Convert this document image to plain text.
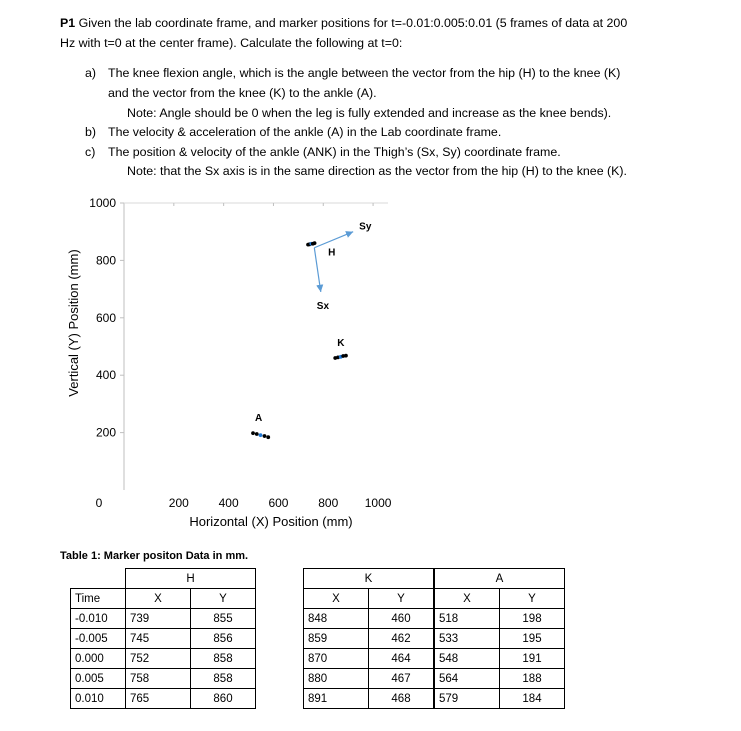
P1 Given the lab coordinate frame, and marker positions for t=-0.01:0.005:0.01 (5 frames of data at 200
Hz with t=0 at the center frame). Calculate the following at t=0:
a) The knee flexion angle, which is the angle between the vector from the hip (H) to the knee (K)
and the vector from the knee (K) to the ankle (A).
Note: Angle should be 0 when the leg is fully extended and increase as the knee bends).
b) The velocity & acceleration of the ankle (A) in the Lab coordinate frame.
c) The position & velocity of the ankle (ANK) in the Thigh’s (Sx, Sy) coordinate frame.
Note: that the Sx axis is in the same direction as the vector from the hip (H) to the knee (K).
200
400
600
800
1000
200 400 600 800 1000
0
Sx
Sy
H
K
A
Horizontal (X) Position (mm)
Vertical (Y) Position (mm)
Table 1: Marker positon Data in mm.
	H	
Time	X	Y
-0.010	739	855
-0.005	745	856
0.000	752	858
0.005	758	858
0.010	765	860
K	
X	Y
848	460
859	462
870	464
880	467
891	468
A	
X	Y
518	198
533	195
548	191
564	188
579	184
